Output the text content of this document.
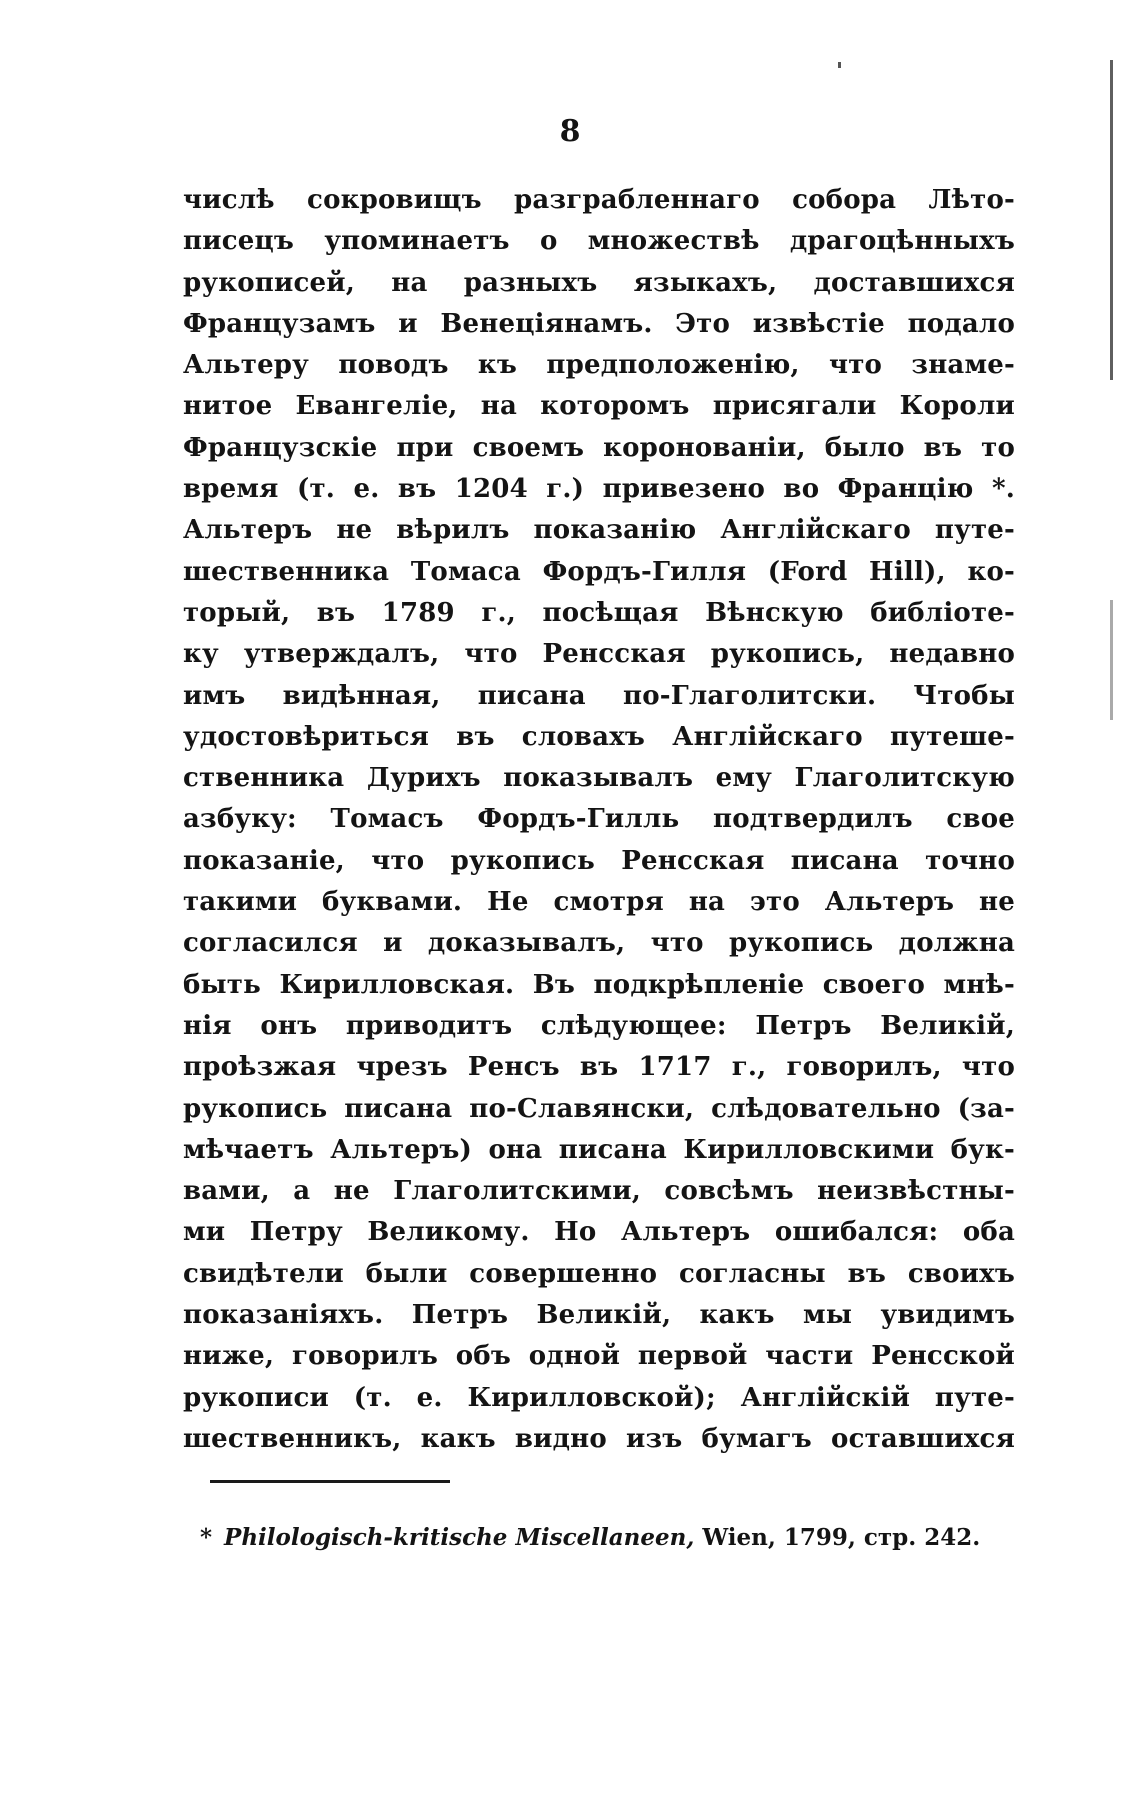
8
числѣ сокровищъ разграбленнаго собора Лѣто-
писецъ упоминаетъ о множествѣ драгоцѣнныхъ
рукописей, на разныхъ языкахъ, доставшихся
Французамъ и Венеціянамъ. Это извѣстіе подало
Альтеру поводъ къ предположенію, что знаме-
нитое Евангеліе, на которомъ присягали Короли
Французскіе при своемъ короновaніи, было въ то
время (т. е. въ 1204 г.) привезено во Францію *.
Альтеръ не вѣрилъ показанію Англійскаго путе-
шественника Томаса Фордъ-Гилля (Ford Hill), ко-
торый, въ 1789 г., посѣщая Вѣнскую библіоте-
ку утверждалъ, что Ренсская рукопись, недавно
имъ видѣнная, писана по-Глаголитски. Чтобы
удостовѣриться въ словахъ Англійскаго путеше-
ственника Дурихъ показывалъ ему Глаголитскую
азбуку: Томасъ Фордъ-Гилль подтвердилъ свое
показаніе, что рукопись Ренсская писана точно
такими буквами. Не смотря на это Альтеръ не
согласился и доказывалъ, что рукопись должна
быть Кирилловская. Въ подкрѣпленіе своего мнѣ-
нія онъ приводитъ слѣдующее: Петръ Великій,
проѣзжая чрезъ Ренсъ въ 1717 г., говорилъ, что
рукопись писана по-Славянски, слѣдовательно (за-
мѣчаетъ Альтеръ) она писана Кирилловскими бук-
вами, а не Глаголитскими, совсѣмъ неизвѣстны-
ми Петру Великому. Но Альтеръ ошибался: оба
свидѣтели были совершенно согласны въ своихъ
показаніяхъ. Петръ Великій, какъ мы увидимъ
ниже, говорилъ объ одной первой части Ренсской
рукописи (т. е. Кирилловской); Англійскій путе-
шественникъ, какъ видно изъ бумагъ оставшихся
* Philologisch-kritische Miscellaneen, Wien, 1799, стр. 242.
